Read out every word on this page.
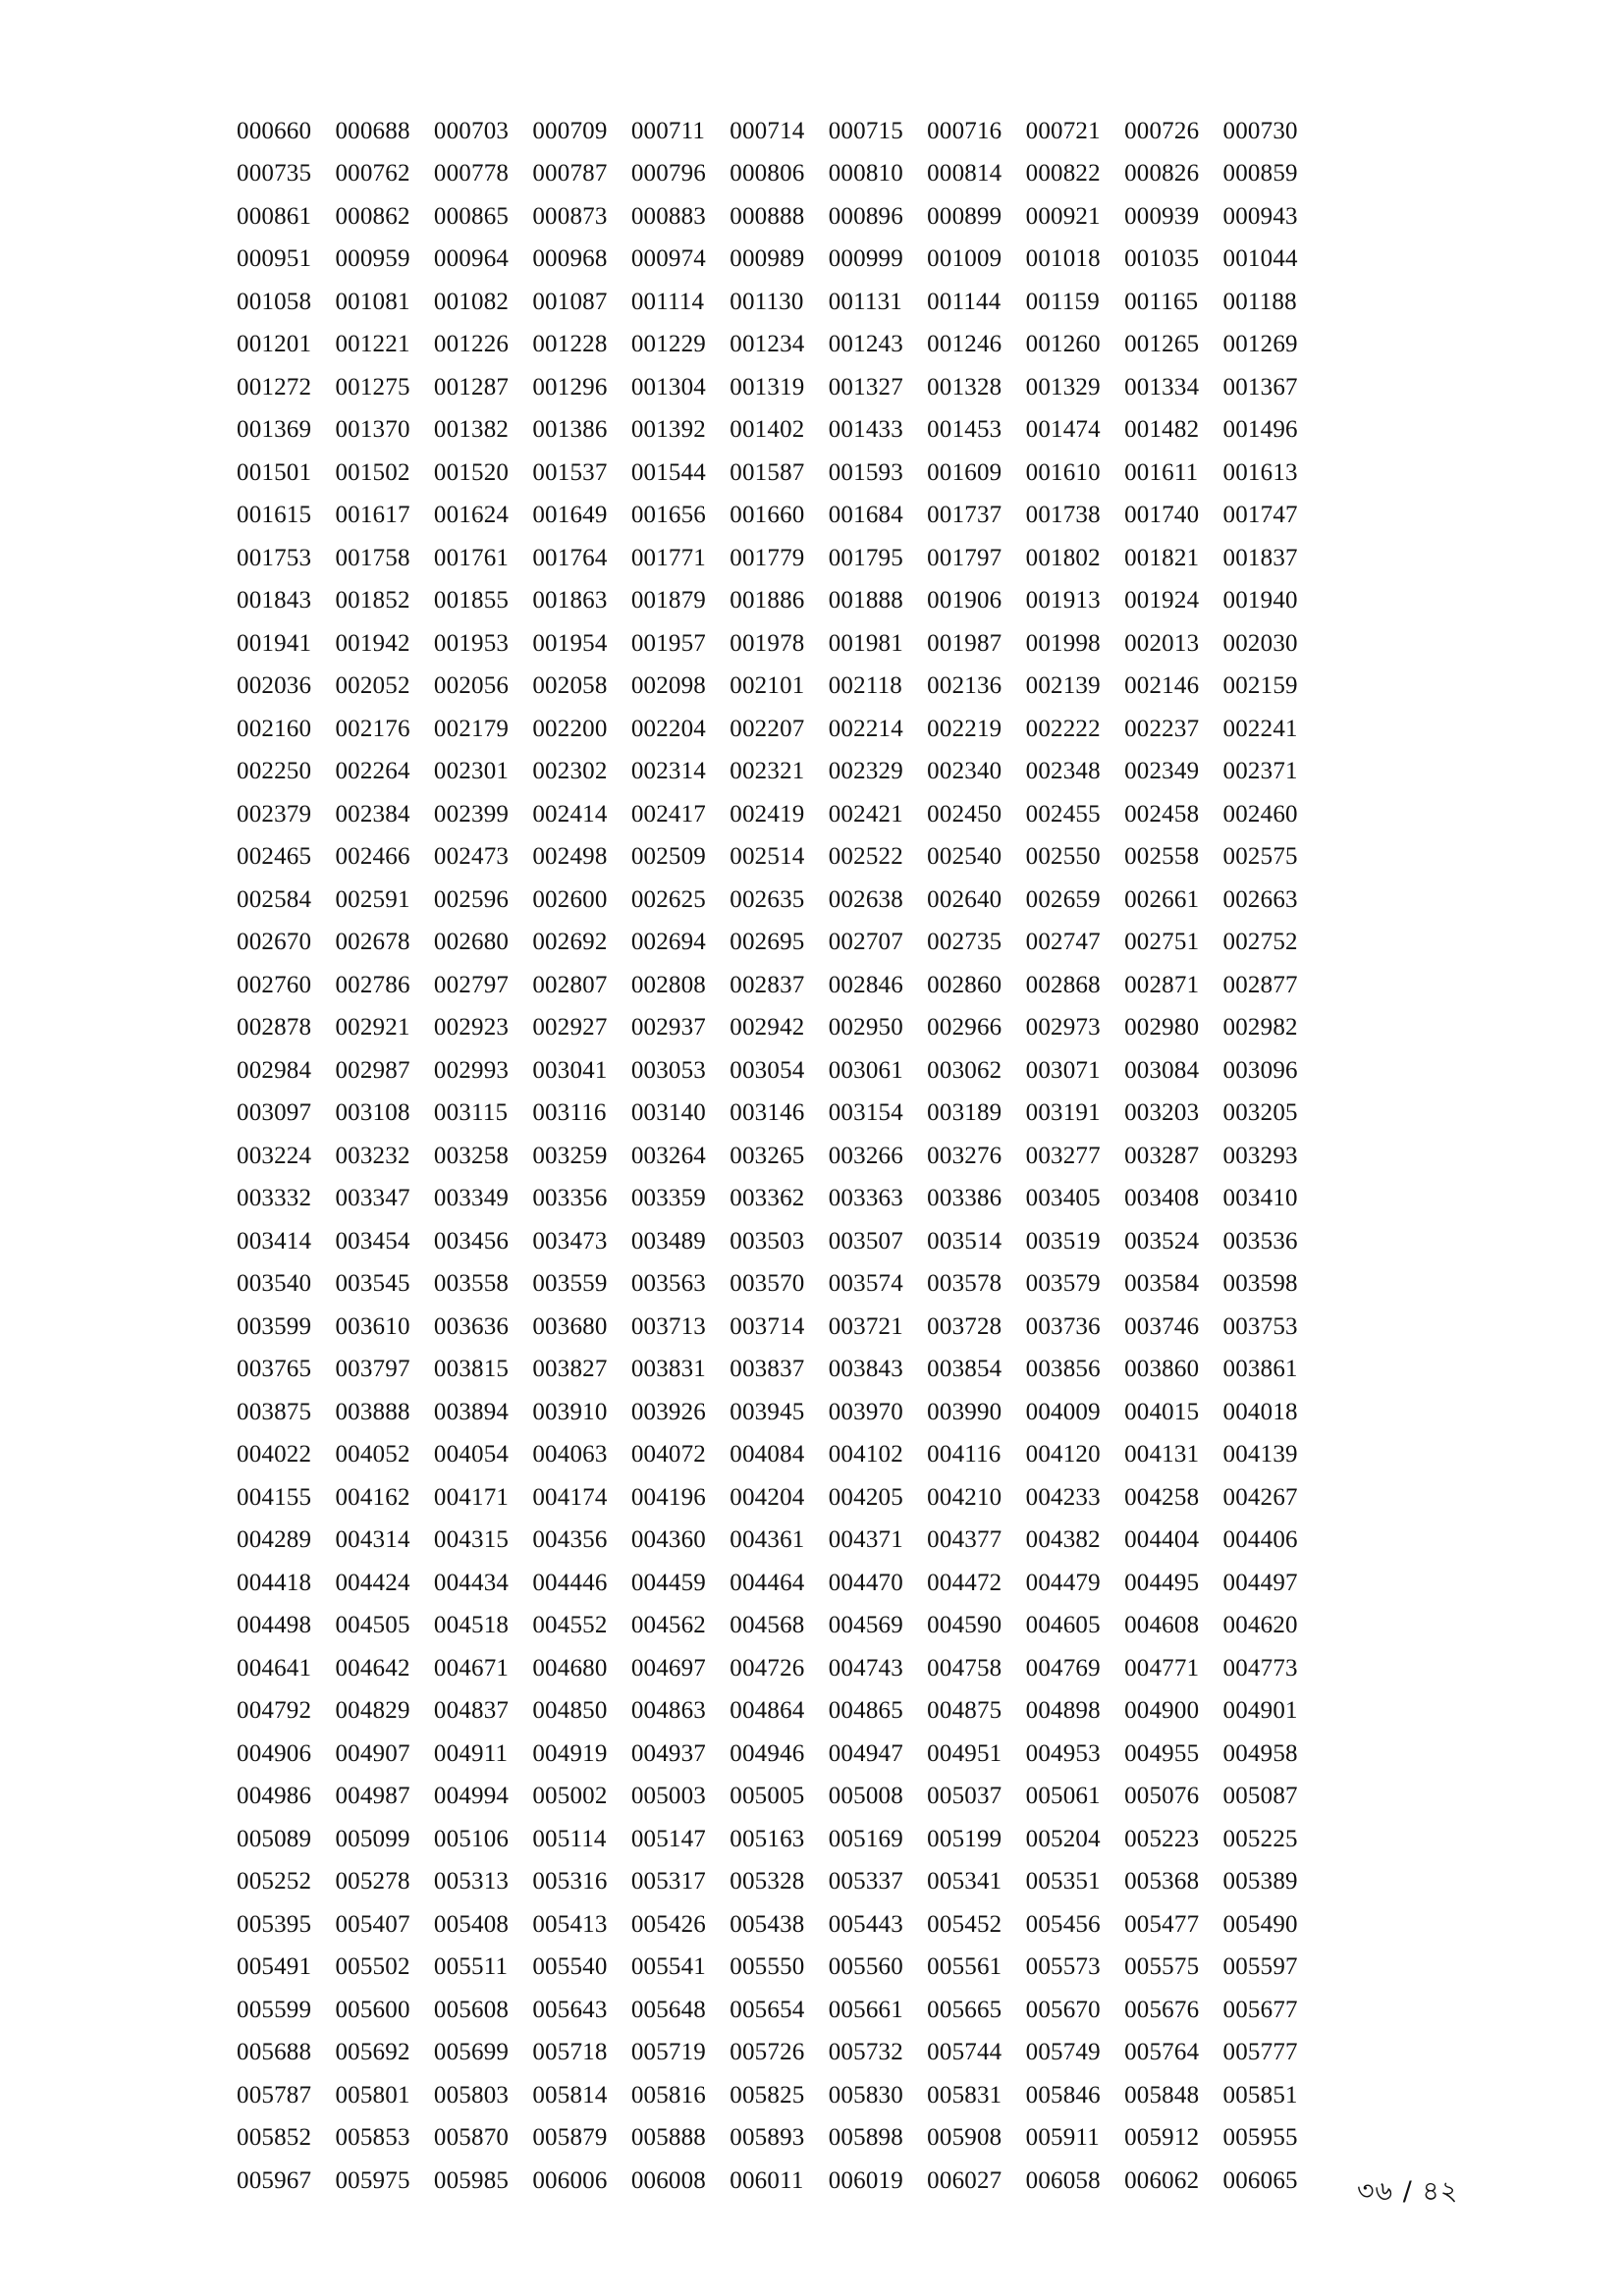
000660 000688 000703 000709 000711	000714 000715 000716 000721 000726 000730
000735 000762 000778 000787 000796 000806 000810 000814 000822 000826 000859
000861 000862 000865 000873 000883 000888 000896 000899 000921 000939 000943
000951 000959 000964 000968 000974 000989 000999 001009 001018 001035 001044
001058 001081 001082 001087 001114	001130	001131	001144	001159	001165	001188
001201 001221 001226 001228 001229 001234 001243 001246 001260 001265 001269
001272 001275 001287 001296 001304 001319 001327 001328 001329 001334 001367
001369 001370 001382 001386 001392 001402 001433 001453 001474 001482 001496
001501 001502 001520 001537 001544 001587 001593 001609 001610 001611	001613
001615 001617 001624 001649 001656 001660 001684 001737 001738 001740 001747
001753 001758 001761 001764 001771 001779 001795 001797 001802 001821 001837
001843 001852 001855 001863 001879 001886 001888 001906 001913 001924 001940
001941 001942 001953 001954 001957 001978 001981 001987 001998 002013 002030
002036 002052 002056 002058 002098 002101 002118	002136 002139 002146 002159
002160 002176 002179 002200 002204 002207 002214 002219 002222 002237 002241
002250 002264 002301 002302 002314 002321 002329 002340 002348 002349 002371
002379 002384 002399 002414 002417 002419 002421 002450 002455 002458 002460
002465 002466 002473 002498 002509 002514 002522 002540 002550 002558 002575
002584 002591 002596 002600 002625 002635 002638 002640 002659 002661 002663
002670 002678 002680 002692 002694 002695 002707 002735 002747 002751 002752
002760 002786 002797 002807 002808 002837 002846 002860 002868 002871 002877
002878 002921 002923 002927 002937 002942 002950 002966 002973 002980 002982
002984 002987 002993 003041 003053 003054 003061 003062 003071 003084 003096
003097 003108 003115	003116	003140 003146 003154 003189 003191 003203 003205
003224 003232 003258 003259 003264 003265 003266 003276 003277 003287 003293
003332 003347 003349 003356 003359 003362 003363 003386 003405 003408 003410
003414 003454 003456 003473 003489 003503 003507 003514 003519 003524 003536
003540 003545 003558 003559 003563 003570 003574 003578 003579 003584 003598
003599 003610 003636 003680 003713 003714 003721 003728 003736 003746 003753
003765 003797 003815 003827 003831 003837 003843 003854 003856 003860 003861
003875 003888 003894 003910 003926 003945 003970 003990 004009 004015 004018
004022 004052 004054 004063 004072 004084 004102 004116	004120 004131 004139
004155 004162 004171 004174 004196 004204 004205 004210 004233 004258 004267
004289 004314 004315 004356 004360 004361 004371 004377 004382 004404 004406
004418 004424 004434 004446 004459 004464 004470 004472 004479 004495 004497
004498 004505 004518 004552 004562 004568 004569 004590 004605 004608 004620
004641 004642 004671 004680 004697 004726 004743 004758 004769 004771 004773
004792 004829 004837 004850 004863 004864 004865 004875 004898 004900 004901
004906 004907 004911	004919 004937 004946 004947 004951 004953 004955 004958
004986 004987 004994 005002 005003 005005 005008 005037 005061 005076 005087
005089 005099 005106 005114	005147 005163 005169 005199 005204 005223 005225
005252 005278 005313 005316 005317 005328 005337 005341 005351 005368 005389
005395 005407 005408 005413 005426 005438 005443 005452 005456 005477 005490
005491 005502 005511	005540 005541 005550 005560 005561 005573 005575 005597
005599 005600 005608 005643 005648 005654 005661 005665 005670 005676 005677
005688 005692 005699 005718 005719 005726 005732 005744 005749 005764 005777
005787 005801 005803 005814 005816 005825 005830 005831 005846 005848 005851
005852 005853 005870 005879 005888 005893 005898 005908 005911	005912 005955
005967 005975 005985 006006 006008 006011	006019 006027 006058 006062 006065	৩৬ / ৪২
